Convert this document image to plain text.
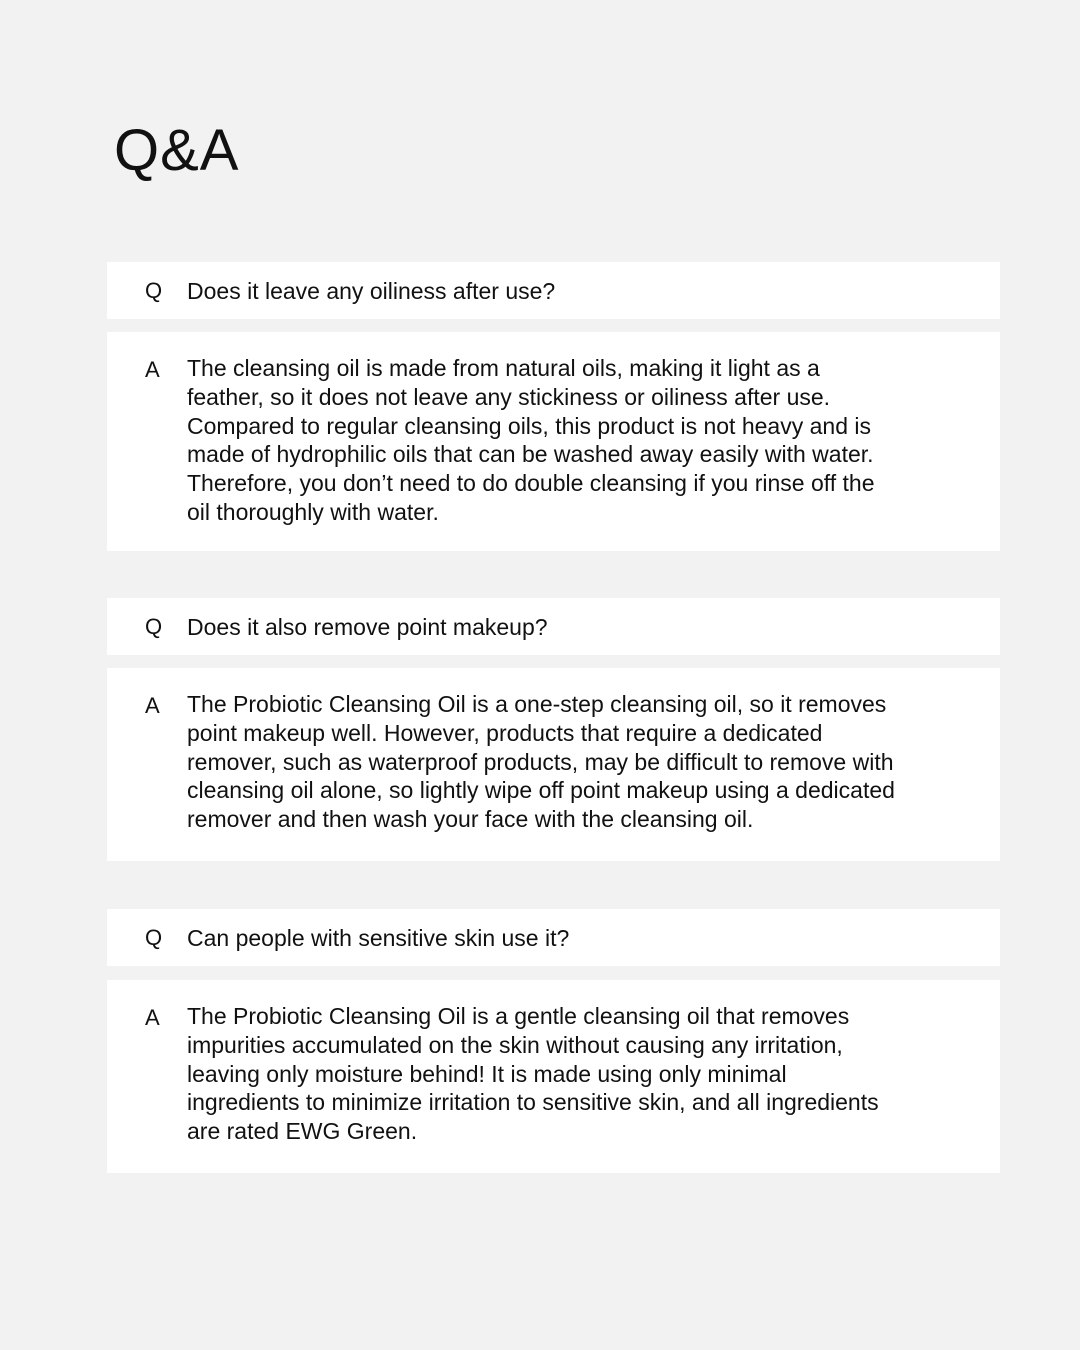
Q&A
Q Does it leave any oiliness after use?
A The cleansing oil is made from natural oils, making it light as a
feather, so it does not leave any stickiness or oiliness after use.
Compared to regular cleansing oils, this product is not heavy and is
made of hydrophilic oils that can be washed away easily with water.
Therefore, you don’t need to do double cleansing if you rinse off the
oil thoroughly with water.
Q Does it also remove point makeup?
A The Probiotic Cleansing Oil is a one-step cleansing oil, so it removes
point makeup well. However, products that require a dedicated
remover, such as waterproof products, may be difficult to remove with
cleansing oil alone, so lightly wipe off point makeup using a dedicated
remover and then wash your face with the cleansing oil.
Q Can people with sensitive skin use it?
A The Probiotic Cleansing Oil is a gentle cleansing oil that removes
impurities accumulated on the skin without causing any irritation,
leaving only moisture behind! It is made using only minimal
ingredients to minimize irritation to sensitive skin, and all ingredients
are rated EWG Green.
